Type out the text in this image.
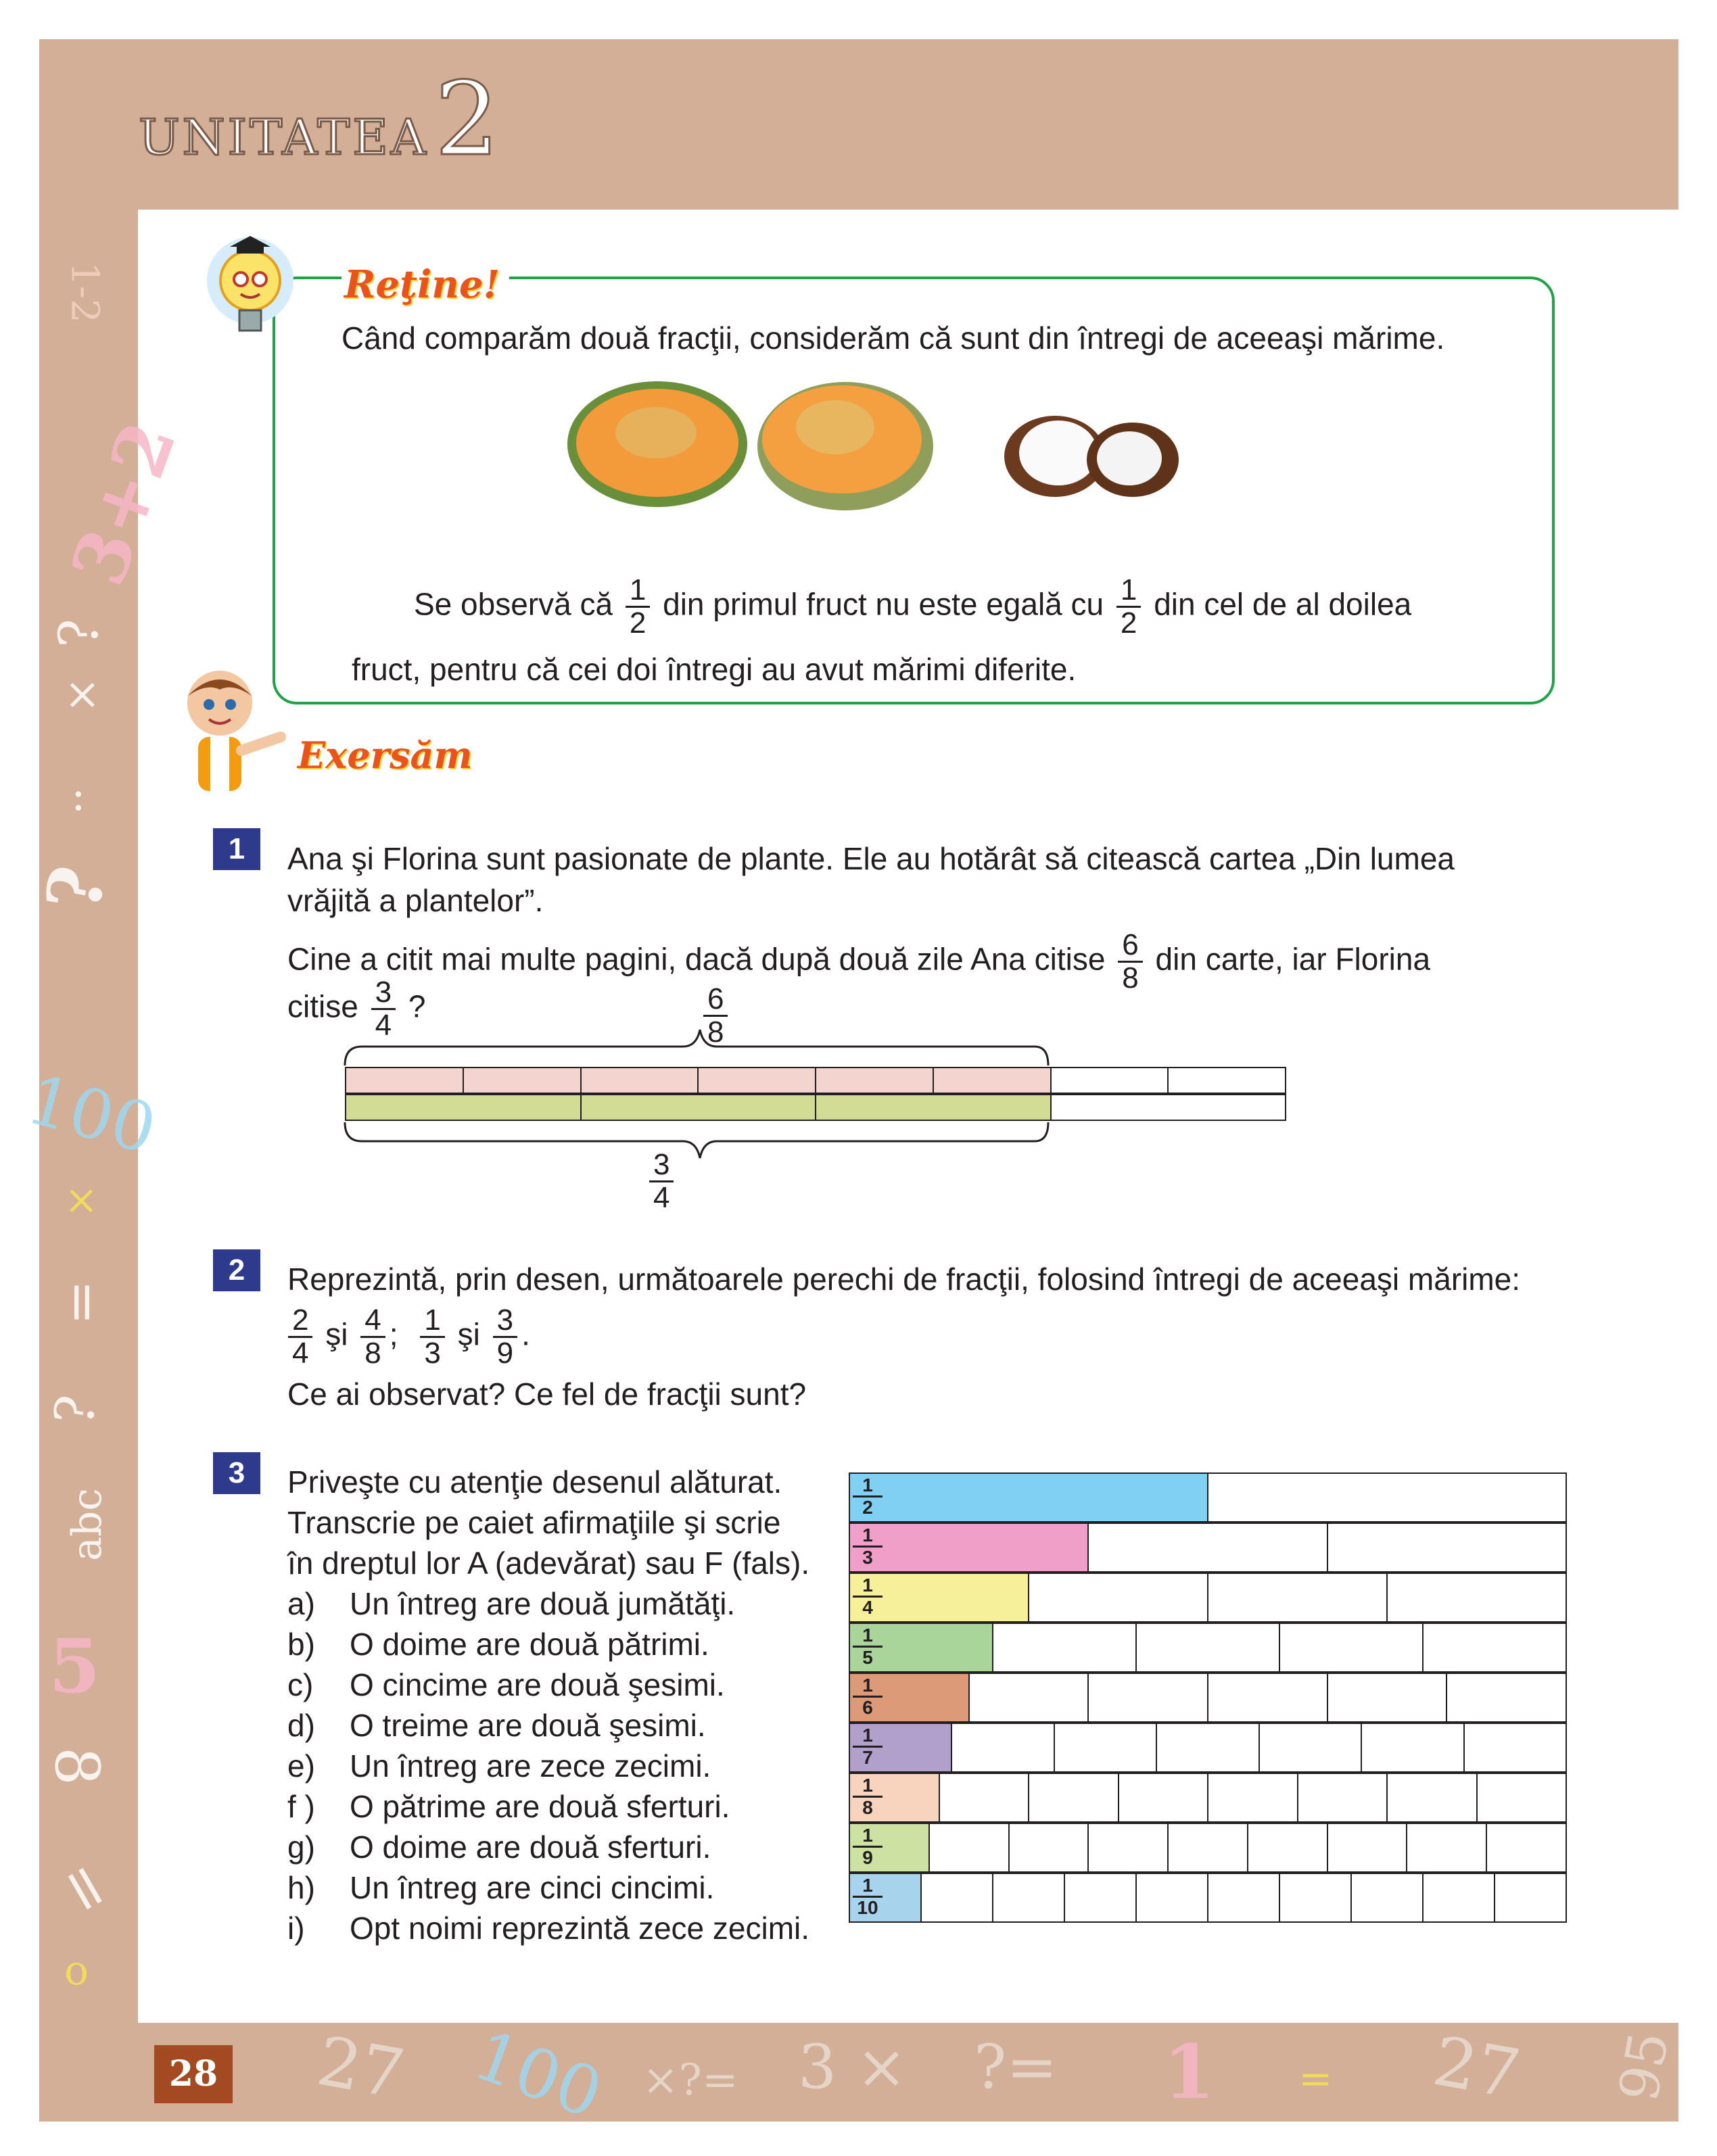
UNITATEA 2
1-2
3+2
?
×
:
?
100
×
=
?
abc
5
8
=
o
27 100 ×?= 3 × ?= 1 = 27 95
28
Reţine!
Când comparăm două fracţii, considerăm că sunt din întregi de aceeaşi mărime.
Se observă că $\frac{1}{2}$ din primul fruct nu este egală cu $\frac{1}{2}$ din cel de al doilea
fruct, pentru că cei doi întregi au avut mărimi diferite.
Exersăm
1	Ana şi Florina sunt pasionate de plante. Ele au hotărât să citească cartea „Din lumea
vrăjită a plantelor”.
Cine a citit mai multe pagini, dacă după două zile Ana citise $\frac{6}{8}$ din carte, iar Florina
citise $\frac{3}{4}$ ?	$\frac{6}{8}$
$\frac{3}{4}$
2	Reprezintă, prin desen, următoarele perechi de fracţii, folosind întregi de aceeaşi mărime:
$\frac{2}{4}$ şi $\frac{4}{8}$ ; $\frac{1}{3}$ şi $\frac{3}{9}$ .
Ce ai observat? Ce fel de fracţii sunt?
3	Priveşte cu atenţie desenul alăturat.
Transcrie pe caiet afirmaţiile şi scrie
în dreptul lor A (adevărat) sau F (fals).
a) Un întreg are două jumătăţi.
b) O doime are două pătrimi.
c) O cincime are două şesimi.
d) O treime are două şesimi.
e) Un întreg are zece zecimi.
f ) O pătrime are două sferturi.
g) O doime are două sferturi.
h) Un întreg are cinci cincimi.
i) Opt noimi reprezintă zece zecimi.
$\frac{1}{2}$
$\frac{1}{3}$
$\frac{1}{4}$
$\frac{1}{5}$
$\frac{1}{6}$
$\frac{1}{7}$
$\frac{1}{8}$
$\frac{1}{9}$
$\frac{1}{10}$
